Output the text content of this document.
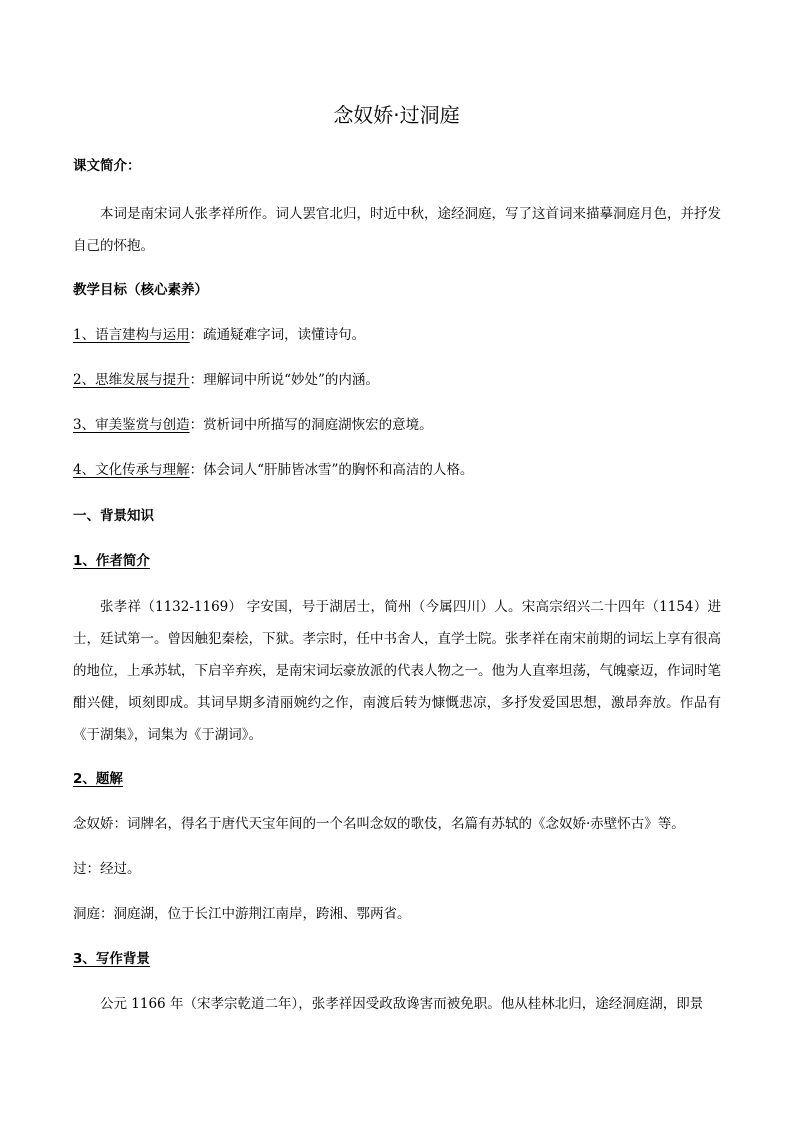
念奴娇·过洞庭
课文简介：
本词是南宋词人张孝祥所作。词人罢官北归，时近中秋，途经洞庭，写了这首词来描摹洞庭月色，并抒发自己的怀抱。
教学目标（核心素养）
1、语言建构与运用：疏通疑难字词，读懂诗句。
2、思维发展与提升：理解词中所说“妙处”的内涵。
3、审美鉴赏与创造：赏析词中所描写的洞庭湖恢宏的意境。
4、文化传承与理解：体会词人“肝肺皆冰雪”的胸怀和高洁的人格。
一、背景知识
1、作者简介
张孝祥（1132-1169） 字安国，号于湖居士，简州（今属四川）人。宋高宗绍兴二十四年（1154）进士，廷试第一。曾因触犯秦桧，下狱。孝宗时，任中书舍人，直学士院。张孝祥在南宋前期的词坛上享有很高的地位，上承苏轼，下启辛弃疾，是南宋词坛豪放派的代表人物之一。他为人直率坦荡，气魄豪迈，作词时笔酣兴健，顷刻即成。其词早期多清丽婉约之作，南渡后转为慷慨悲凉，多抒发爱国思想，激昂奔放。作品有《于湖集》，词集为《于湖词》。
2、题解
念奴娇：词牌名，得名于唐代天宝年间的一个名叫念奴的歌伎，名篇有苏轼的《念奴娇·赤壁怀古》等。
过：经过。
洞庭：洞庭湖，位于长江中游荆江南岸，跨湘、鄂两省。
3、写作背景
公元 1166 年（宋孝宗乾道二年），张孝祥因受政敌谗害而被免职。他从桂林北归，途经洞庭湖，即景
